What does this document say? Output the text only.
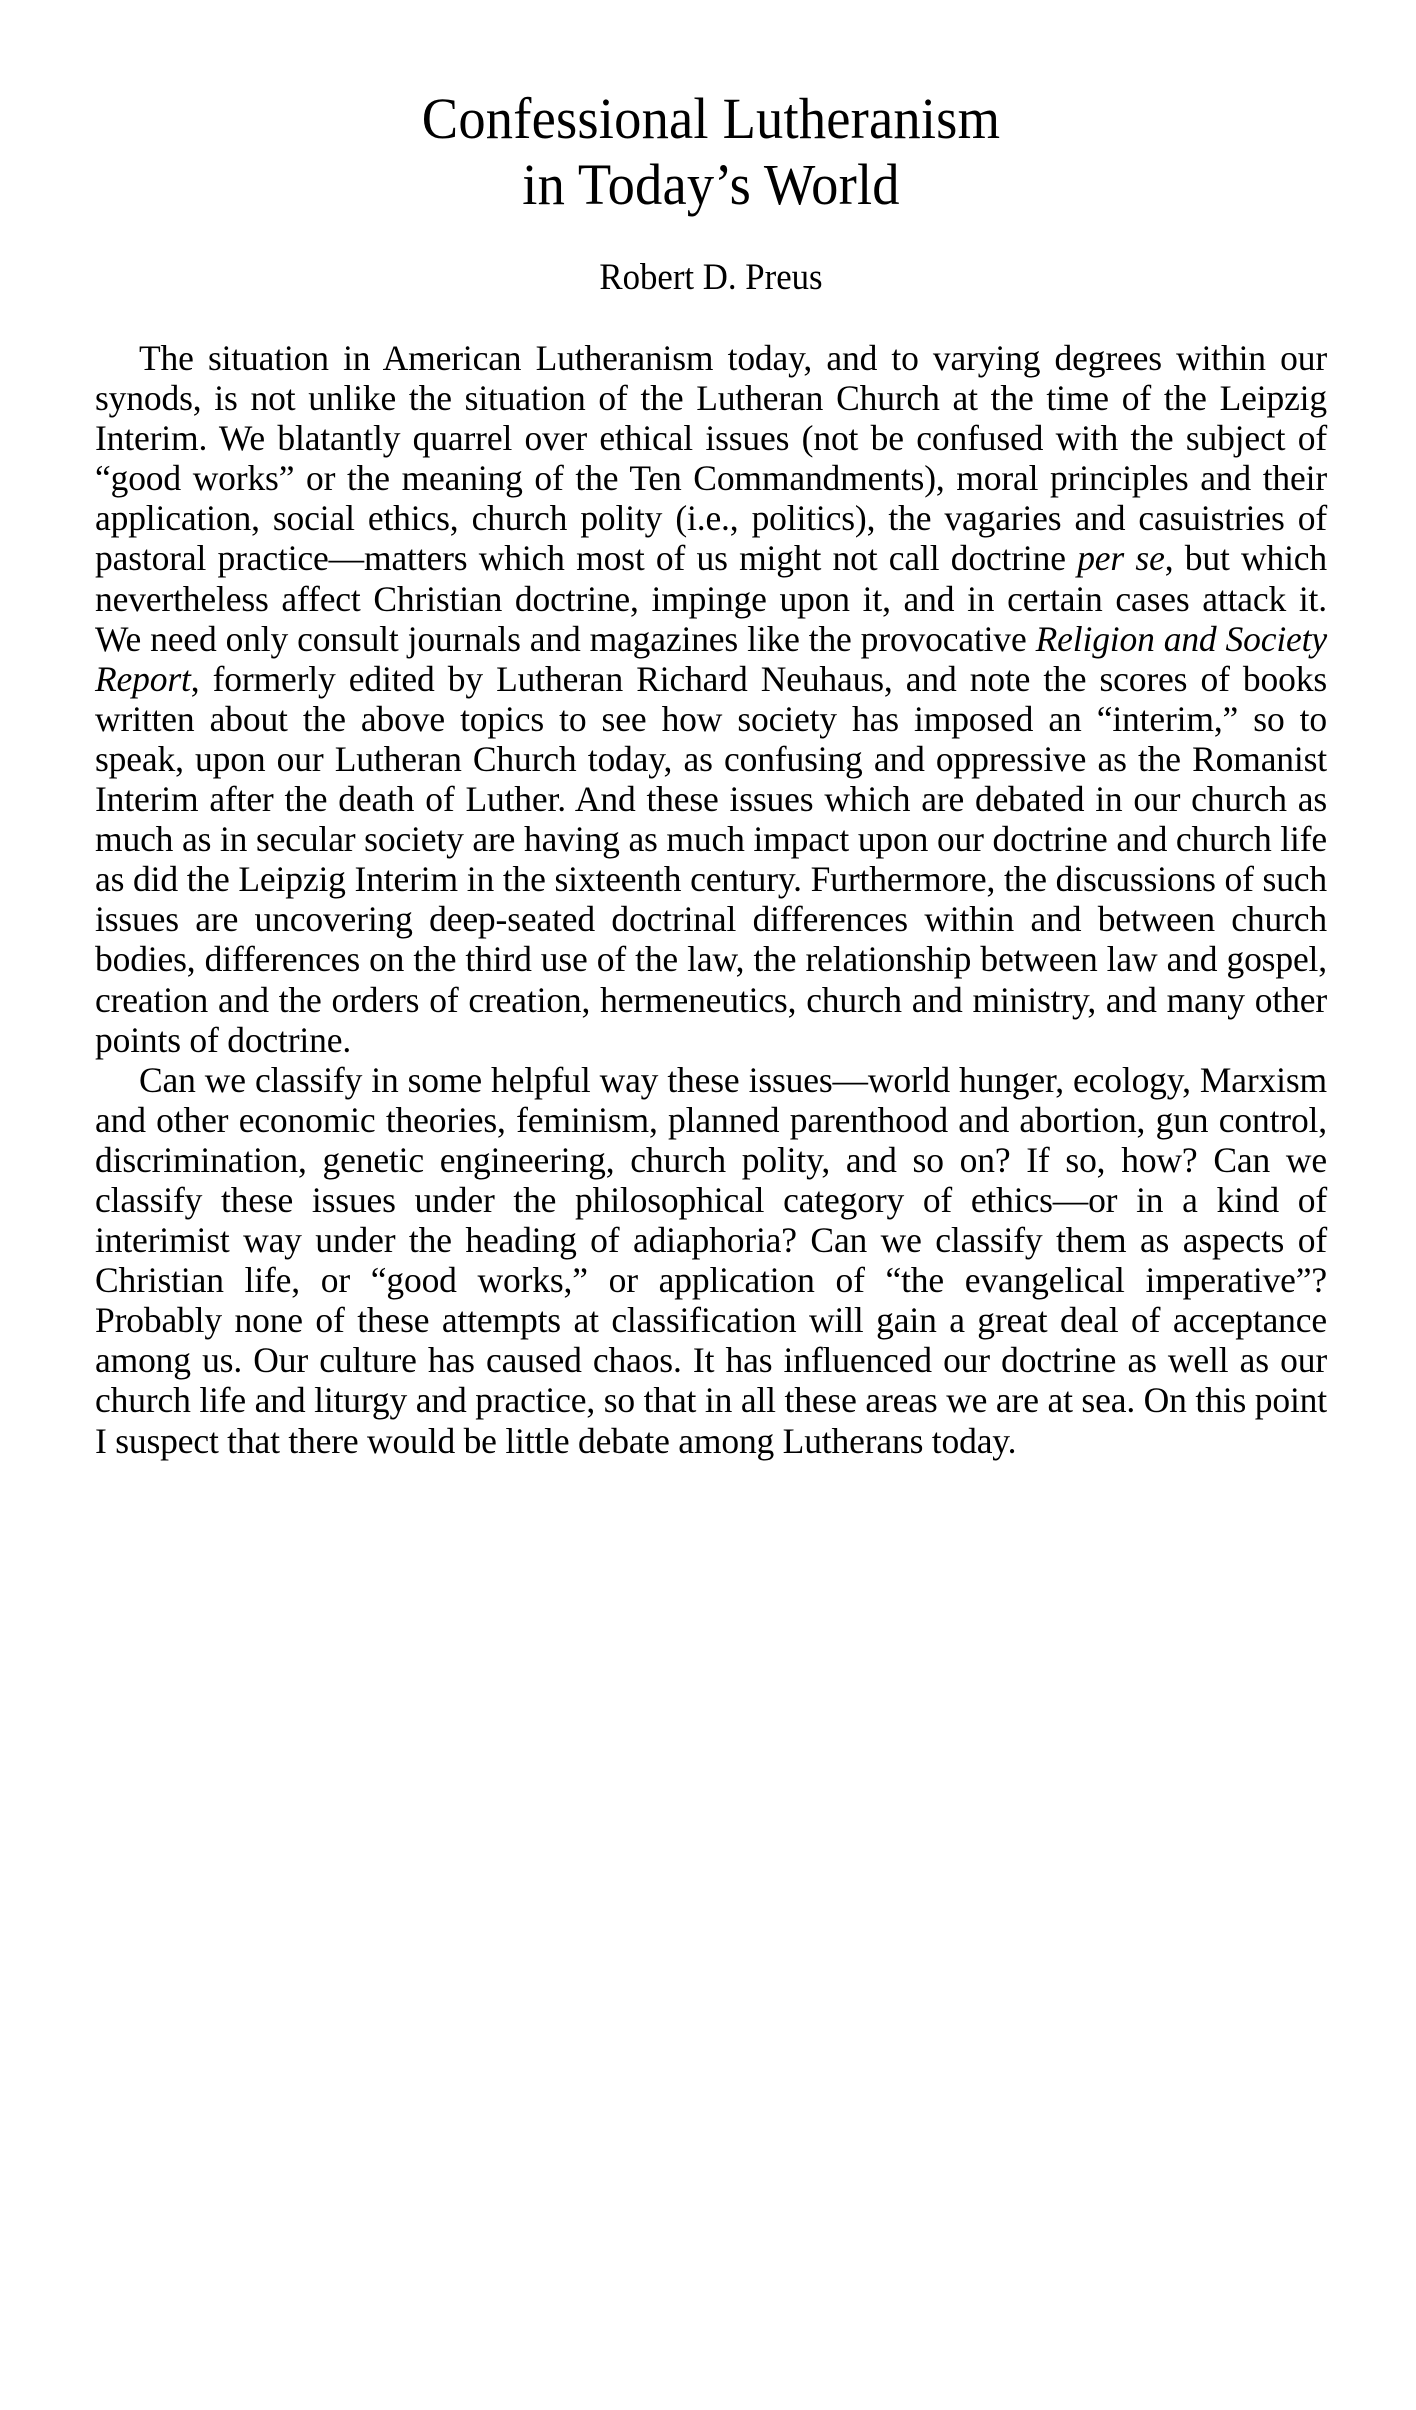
Confessional Lutheranism
in Today’s World
Robert D. Preus

The situation in American Lutheranism today, and to varying degrees within our synods, is not unlike the situation of the Lutheran Church at the time of the Leipzig Interim. We blatantly quarrel over ethical issues (not be confused with the subject of “good works” or the meaning of the Ten Commandments), moral principles and their application, social ethics, church polity (i.e., politics), the vagaries and casuistries of pastoral practice—matters which most of us might not call doctrine per se, but which nevertheless affect Christian doctrine, impinge upon it, and in certain cases attack it. We need only consult journals and magazines like the provocative Religion and Society Report, formerly edited by Lutheran Richard Neuhaus, and note the scores of books written about the above topics to see how society has imposed an “interim,” so to speak, upon our Lutheran Church today, as confusing and oppressive as the Romanist Interim after the death of Luther. And these issues which are debated in our church as much as in secular society are having as much impact upon our doctrine and church life as did the Leipzig Interim in the sixteenth century. Furthermore, the discussions of such issues are uncovering deep-seated doctrinal differences within and between church bodies, differences on the third use of the law, the relationship between law and gospel, creation and the orders of creation, hermeneutics, church and ministry, and many other points of doctrine.

Can we classify in some helpful way these issues—world hunger, ecology, Marxism and other economic theories, feminism, planned parenthood and abortion, gun control, discrimination, genetic engineering, church polity, and so on? If so, how? Can we classify these issues under the philosophical category of ethics—or in a kind of interimist way under the heading of adiaphoria? Can we classify them as aspects of Christian life, or “good works,” or application of “the evangelical imperative”? Probably none of these attempts at classification will gain a great deal of acceptance among us. Our culture has caused chaos. It has influenced our doctrine as well as our church life and liturgy and practice, so that in all these areas we are at sea. On this point I suspect that there would be little debate among Lutherans today.
